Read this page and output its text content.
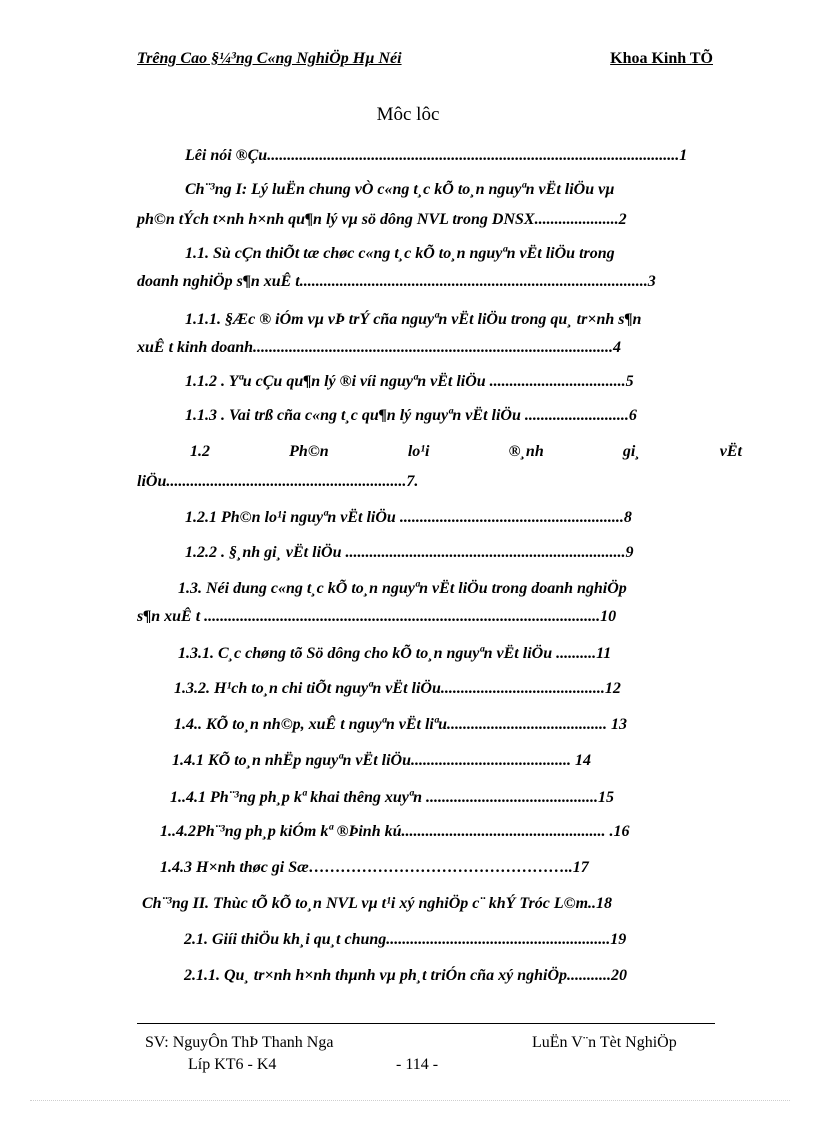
Trêng Cao §¼³ng C«ng NghiÖp Hµ Néi	Khoa Kinh TÕ
Môc lôc
Lêi nói ®Çu.......................................................................................................1
Ch¨³ng I: Lý luËn chung vÒ c«ng t¸c kÕ to¸n nguyªn vËt liÖu vµ
ph©n tÝch t×nh h×nh qu¶n lý vµ sö dông NVL trong DNSX.....................2
1.1. Sù cÇn thiÕt tæ chøc c«ng t¸c kÕ to¸n nguyªn vËt liÖu trong
doanh nghiÖp s¶n xuÊ t.......................................................................................3
1.1.1. §Æc ® iÓm vµ vÞ trÝ cña nguyªn vËt liÖu trong qu¸ tr×nh s¶n
xuÊ t kinh doanh..........................................................................................4
1.1.2 . Yªu cÇu qu¶n lý ®i víi nguyªn vËt liÖu ..................................5
1.1.3 . Vai trß cña c«ng t¸c qu¶n lý nguyªn vËt liÖu ..........................6
1.2	Ph©n	lo¹i	®¸nh	gi¸	vËt
liÖu............................................................7.
1.2.1 Ph©n lo¹i nguyªn vËt liÖu ........................................................8
1.2.2 . §¸nh gi¸ vËt liÖu ......................................................................9
1.3. Néi dung c«ng t¸c kÕ to¸n nguyªn vËt liÖu trong doanh nghiÖp
s¶n xuÊ t ...................................................................................................10
1.3.1. C¸c chøng tõ Sö dông cho kÕ to¸n nguyªn vËt liÖu ..........11
1.3.2. H¹ch to¸n chi tiÕt nguyªn vËt liÖu.........................................12
1.4.. KÕ to¸n nh©p, xuÊ t nguyªn vËt liªu........................................ 13
1.4.1 KÕ to¸n nhËp nguyªn vËt liÖu........................................ 14
1..4.1 Ph¨³ng ph¸p kª khai thêng xuyªn ...........................................15
1..4.2Ph¨³ng ph¸p kiÓm kª ®Þinh kú................................................... .16
1.4.3 H×nh thøc gi Sæ…………………………………………..17
Ch¨³ng II. Thùc tÕ kÕ to¸n NVL vµ t¹i xý nghiÖp c¨ khÝ Tróc L©m..18
2.1. Giíi thiÖu kh¸i qu¸t chung........................................................19
2.1.1. Qu¸ tr×nh h×nh thµnh vµ ph¸t triÓn cña xý nghiÖp...........20
SV: NguyÔn ThÞ Thanh Nga	LuËn V¨n Tèt NghiÖp
Líp KT6 - K4	- 114 -
